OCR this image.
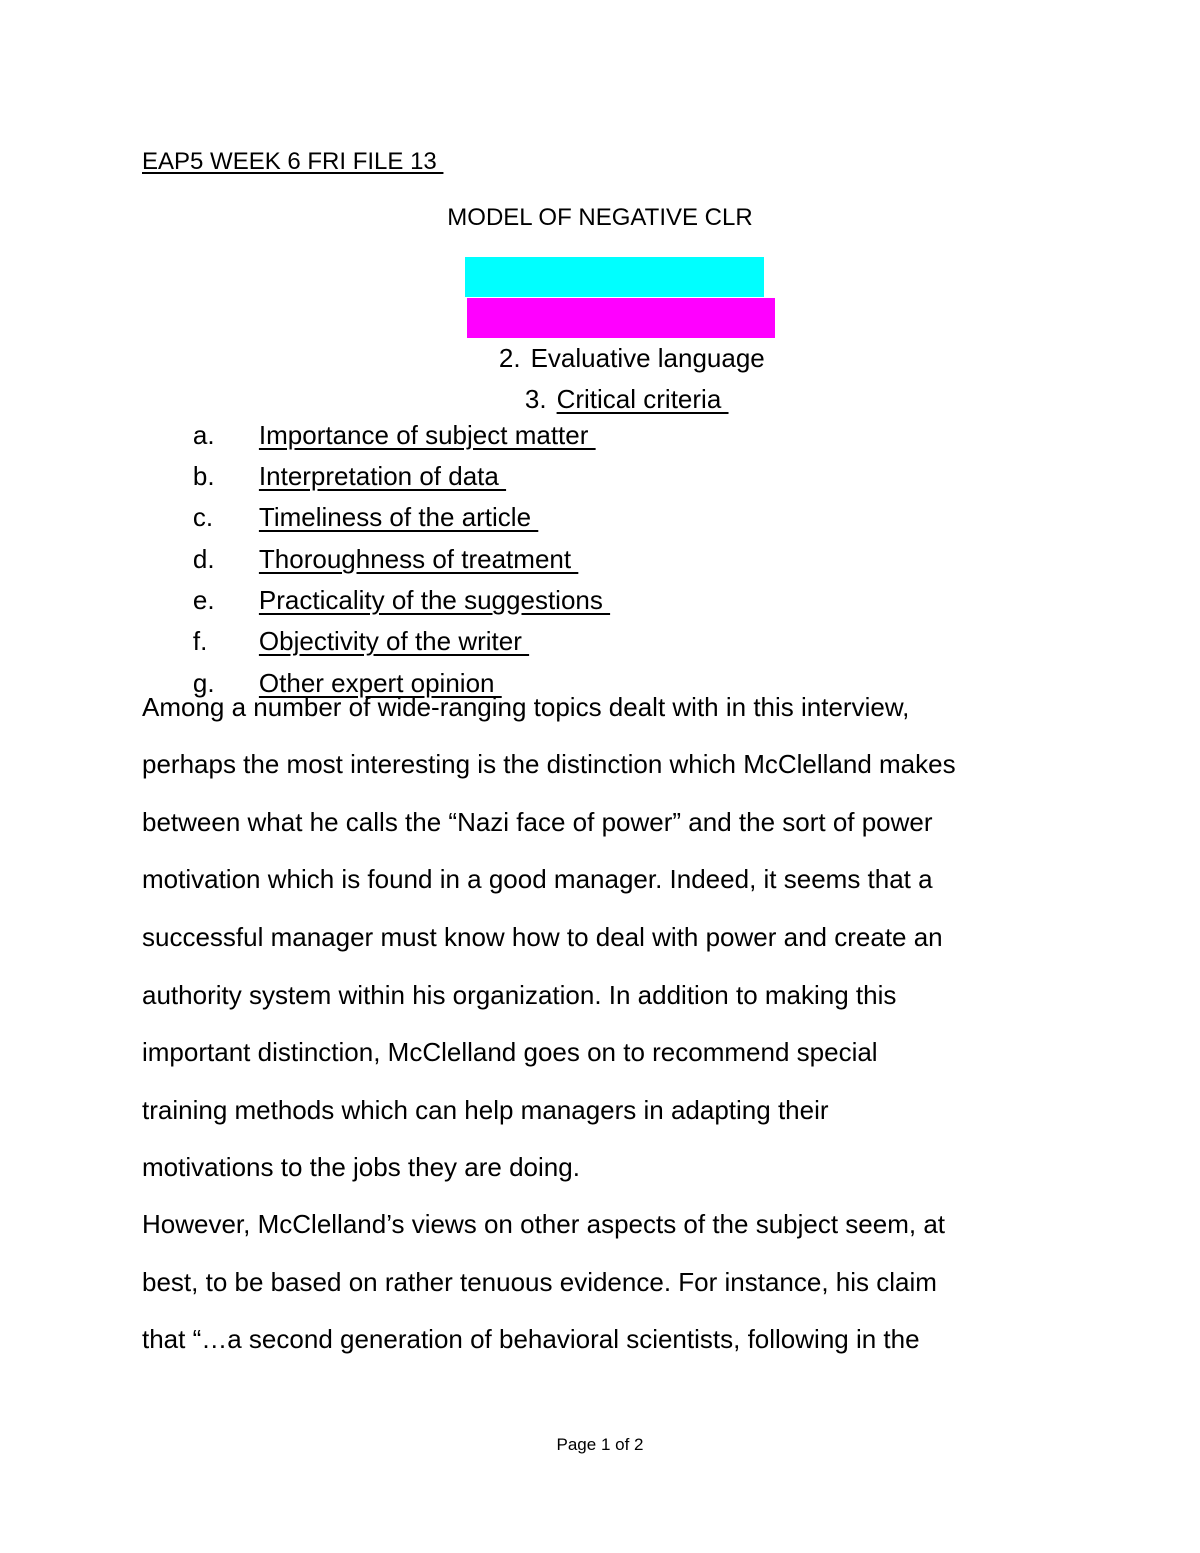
EAP5 WEEK 6 FRI FILE 13
MODEL OF NEGATIVE CLR

2. Evaluative language

3. Critical criteria

a. Importance of subject matter

b. Interpretation of data

c. Timeliness of the article

d. Thoroughness of treatment

e. Practicality of the suggestions

f. Objectivity of the writer

g. Other expert opinion

Among a number of wide-ranging topics dealt with in this interview,
perhaps the most interesting is the distinction which McClelland makes
between what he calls the “Nazi face of power” and the sort of power
motivation which is found in a good manager. Indeed, it seems that a
successful manager must know how to deal with power and create an
authority system within his organization. In addition to making this
important distinction, McClelland goes on to recommend special
training methods which can help managers in adapting their
motivations to the jobs they are doing.
However, McClelland’s views on other aspects of the subject seem, at
best, to be based on rather tenuous evidence. For instance, his claim
that “…a second generation of behavioral scientists, following in the
Page 1 of 2
